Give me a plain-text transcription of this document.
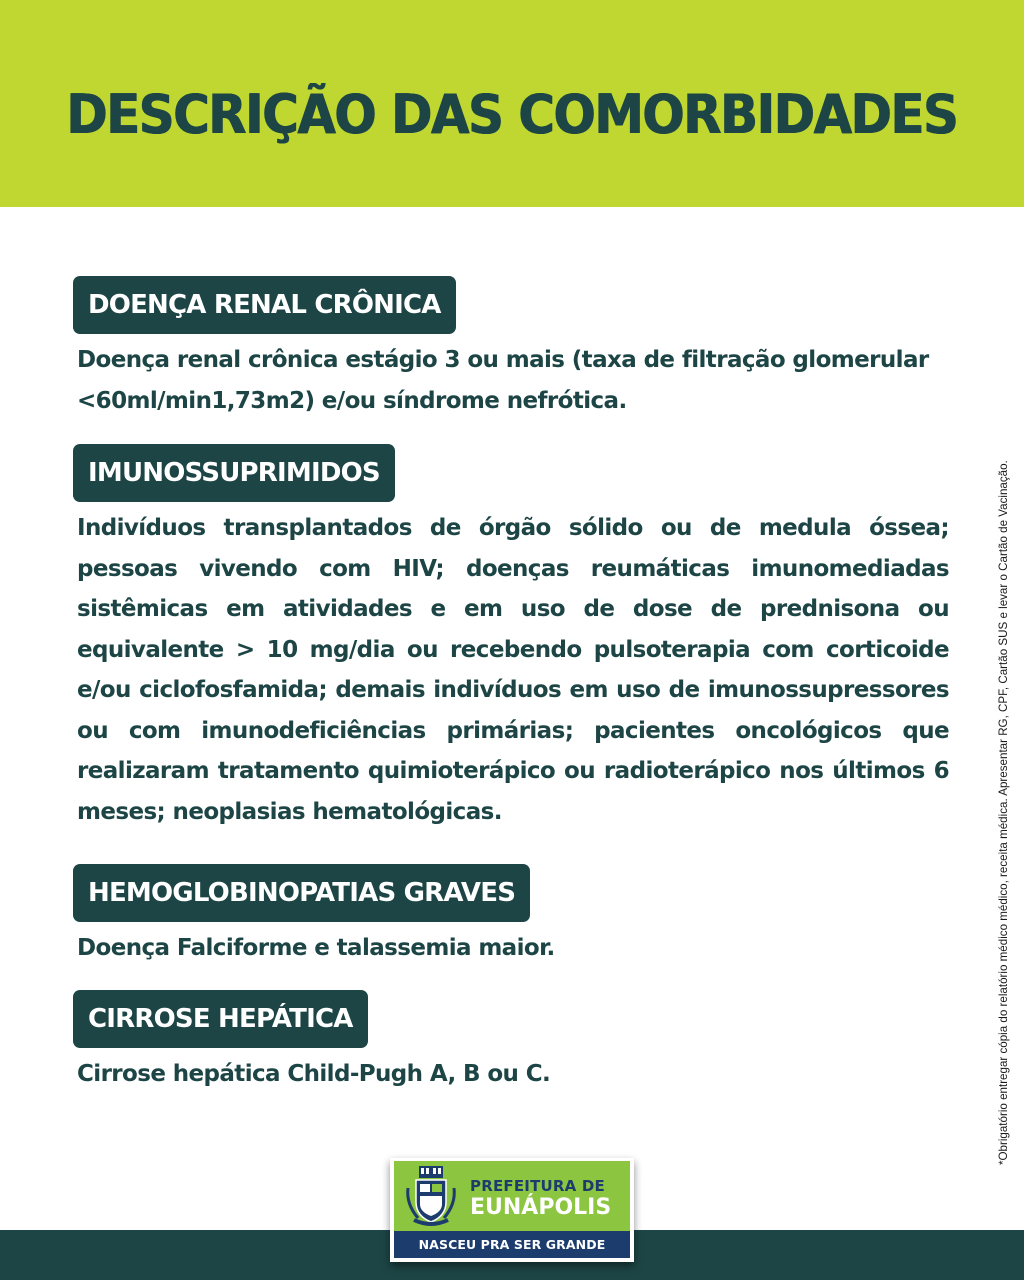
DESCRIÇÃO DAS COMORBIDADES
DOENÇA RENAL CRÔNICA
Doença renal crônica estágio 3 ou mais (taxa de filtração glomerular <60ml/min1,73m2) e/ou síndrome nefrótica.
IMUNOSSUPRIMIDOS
Indivíduos transplantados de órgão sólido ou de medula óssea; pessoas vivendo com HIV; doenças reumáticas imunomediadas sistêmicas em atividades e em uso de dose de prednisona ou equivalente > 10 mg/dia ou recebendo pulsoterapia com corticoide e/ou ciclofosfamida; demais indivíduos em uso de imunossupressores ou com imunodeficiências primárias; pacientes oncológicos que realizaram tratamento quimioterápico ou radioterápico nos últimos 6 meses; neoplasias hematológicas.
HEMOGLOBINOPATIAS GRAVES
Doença Falciforme e talassemia maior.
CIRROSE HEPÁTICA
Cirrose hepática Child-Pugh A, B ou C.	*Obrigatório entregar cópia do relatório médico médico, receita médica. Apresentar RG, CPF, Cartão SUS e levar o Cartão de Vacinação.
PREFEITURA DE
EUNÁPOLIS
NASCEU PRA SER GRANDE
